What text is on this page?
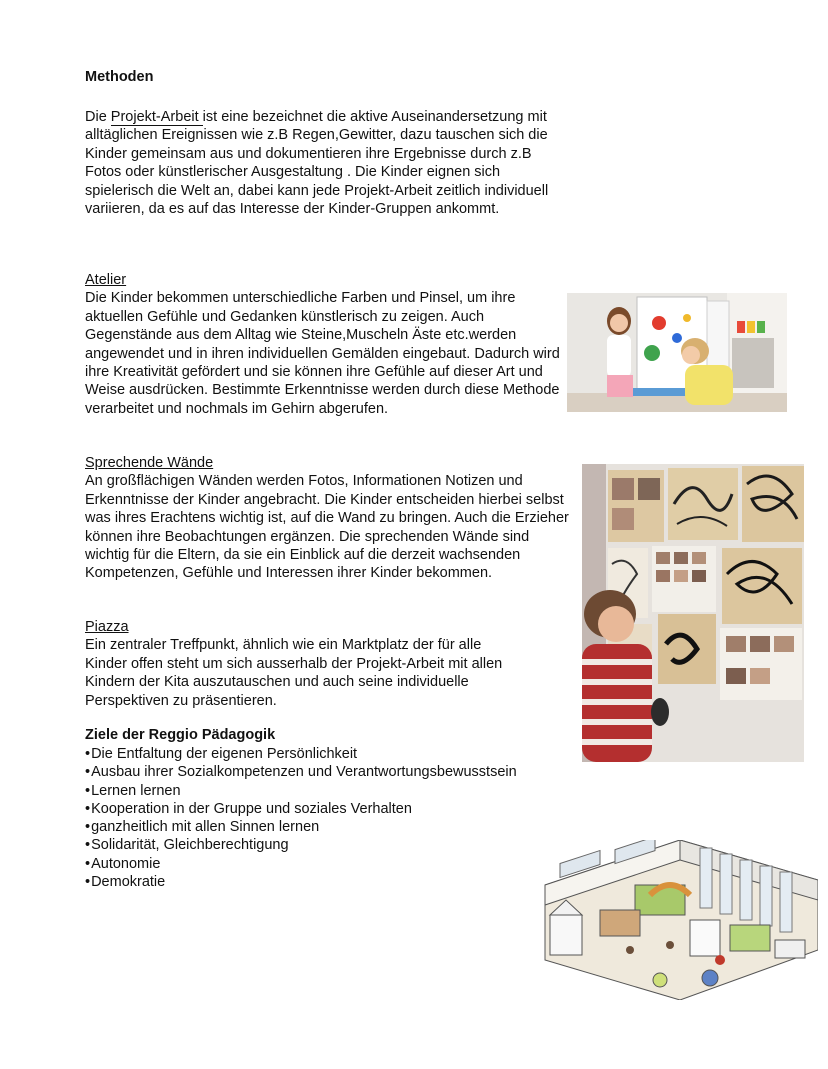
Methoden

Die Projekt-Arbeit ist eine bezeichnet die aktive Auseinandersetzung mit alltäglichen Ereignissen wie z.B Regen,Gewitter, dazu tauschen sich die Kinder gemeinsam aus und dokumentieren ihre Ergebnisse durch z.B Fotos oder künstlerischer Ausgestaltung . Die Kinder eignen sich spielerisch die Welt an, dabei kann jede Projekt-Arbeit zeitlich individuell variieren, da es auf das Interesse der Kinder-Gruppen ankommt.

Atelier
Die Kinder bekommen unterschiedliche Farben und Pinsel, um ihre aktuellen Gefühle und Gedanken künstlerisch zu zeigen. Auch Gegenstände aus dem Alltag wie Steine,Muscheln Äste etc.werden angewendet und in ihren individuellen Gemälden eingebaut. Dadurch wird ihre Kreativität gefördert und sie können ihre Gefühle auf dieser Art und Weise ausdrücken. Bestimmte Erkenntnisse werden durch diese Methode verarbeitet und nochmals im Gehirn abgerufen.
Sprechende Wände
An großflächigen Wänden werden Fotos, Informationen Notizen und Erkenntnisse der Kinder angebracht. Die Kinder entscheiden hierbei selbst was ihres Erachtens wichtig ist, auf die Wand zu bringen. Auch die Erzieher können ihre Beobachtungen ergänzen. Die sprechenden Wände sind wichtig für die Eltern, da sie ein Einblick auf die derzeit wachsenden Kompetenzen, Gefühle und Interessen ihrer Kinder bekommen.
Piazza
Ein zentraler Treffpunkt, ähnlich wie ein Marktplatz der für alle Kinder offen steht um sich ausserhalb der Projekt-Arbeit mit allen Kindern der Kita auszutauschen und auch seine individuelle Perspektiven zu präsentieren.
Ziele der Reggio Pädagogik
• Die Entfaltung der eigenen Persönlichkeit
• Ausbau ihrer Sozialkompetenzen und Verantwortungsbewusstsein
• Lernen lernen
• Kooperation in der Gruppe und soziales Verhalten
• ganzheitlich mit allen Sinnen lernen
• Solidarität, Gleichberechtigung
• Autonomie
• Demokratie
